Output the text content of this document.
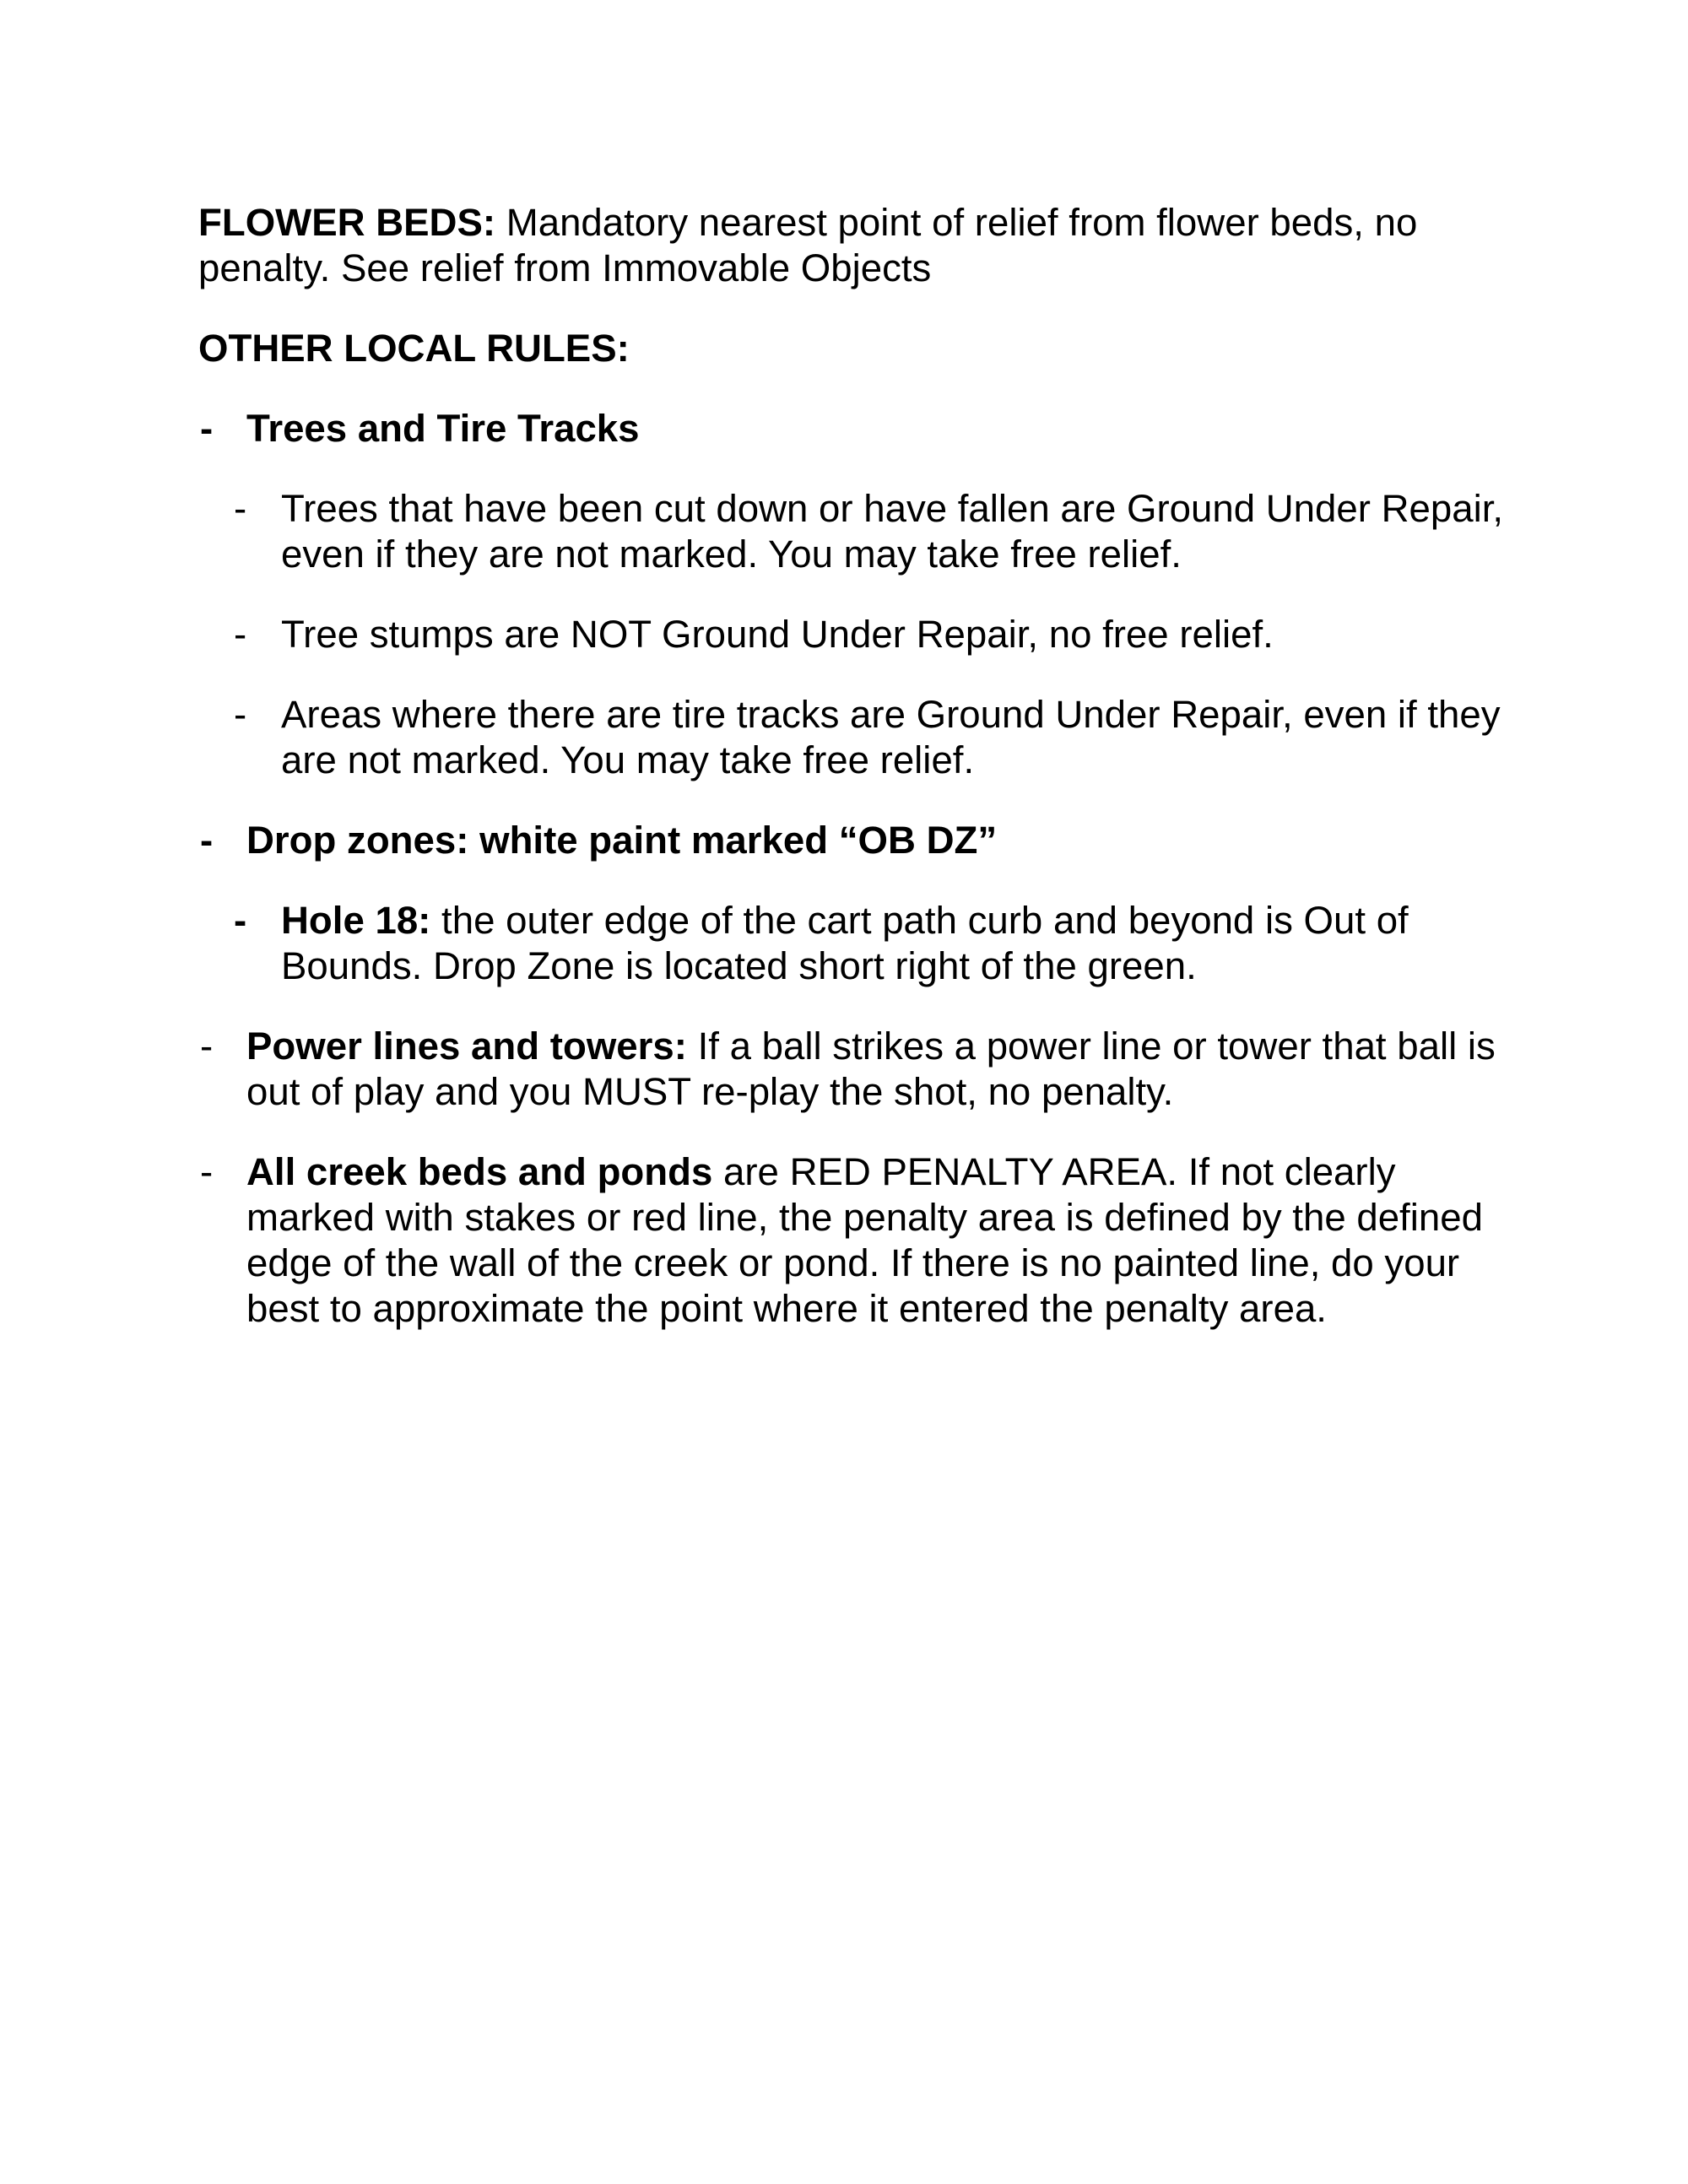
FLOWER BEDS: Mandatory nearest point of relief from flower beds, no penalty. See relief from Immovable Objects
OTHER LOCAL RULES:
- Trees and Tire Tracks
- Trees that have been cut down or have fallen are Ground Under Repair, even if they are not marked. You may take free relief.
- Tree stumps are NOT Ground Under Repair, no free relief.
- Areas where there are tire tracks are Ground Under Repair, even if they are not marked. You may take free relief.
- Drop zones: white paint marked “OB DZ”
- Hole 18: the outer edge of the cart path curb and beyond is Out of Bounds. Drop Zone is located short right of the green.
- Power lines and towers: If a ball strikes a power line or tower that ball is out of play and you MUST re-play the shot, no penalty.
- All creek beds and ponds are RED PENALTY AREA. If not clearly marked with stakes or red line, the penalty area is defined by the defined edge of the wall of the creek or pond. If there is no painted line, do your best to approximate the point where it entered the penalty area.
